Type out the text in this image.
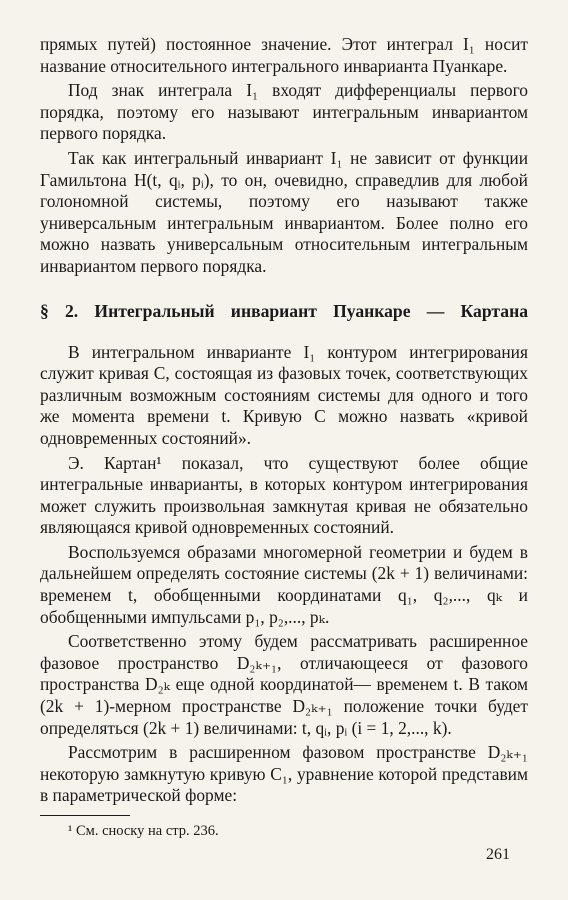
прямых путей) постоянное значение. Этот интеграл I₁ носит название относительного интегрального инварианта Пуанкаре.

Под знак интеграла I₁ входят дифференциалы первого порядка, поэтому его называют интегральным инвариантом первого порядка.

Так как интегральный инвариант I₁ не зависит от функции Гамильтона H(t, qᵢ, pᵢ), то он, очевидно, справедлив для любой голономной системы, поэтому его называют также универсальным интегральным инвариантом. Более полно его можно назвать универсальным относительным интегральным инвариантом первого порядка.

§ 2. Интегральный инвариант Пуанкаре — Картана

В интегральном инварианте I₁ контуром интегрирования служит кривая C, состоящая из фазовых точек, соответствующих различным возможным состояниям системы для одного и того же момента времени t. Кривую C можно назвать «кривой одновременных состояний».

Э. Картан¹ показал, что существуют более общие интегральные инварианты, в которых контуром интегрирования может служить произвольная замкнутая кривая не обязательно являющаяся кривой одновременных состояний.

Воспользуемся образами многомерной геометрии и будем в дальнейшем определять состояние системы (2k + 1) величинами: временем t, обобщенными координатами q₁, q₂,..., qₖ и обобщенными импульсами p₁, p₂,..., pₖ.

Соответственно этому будем рассматривать расширенное фазовое пространство D₂ₖ₊₁, отличающееся от фазового пространства D₂ₖ еще одной координатой— временем t. В таком (2k + 1)-мерном пространстве D₂ₖ₊₁ положение точки будет определяться (2k + 1) величинами: t, qᵢ, pᵢ (i = 1, 2,..., k).

Рассмотрим в расширенном фазовом пространстве D₂ₖ₊₁ некоторую замкнутую кривую C₁, уравнение которой представим в параметрической форме:

¹ См. сноску на стр. 236.

261
